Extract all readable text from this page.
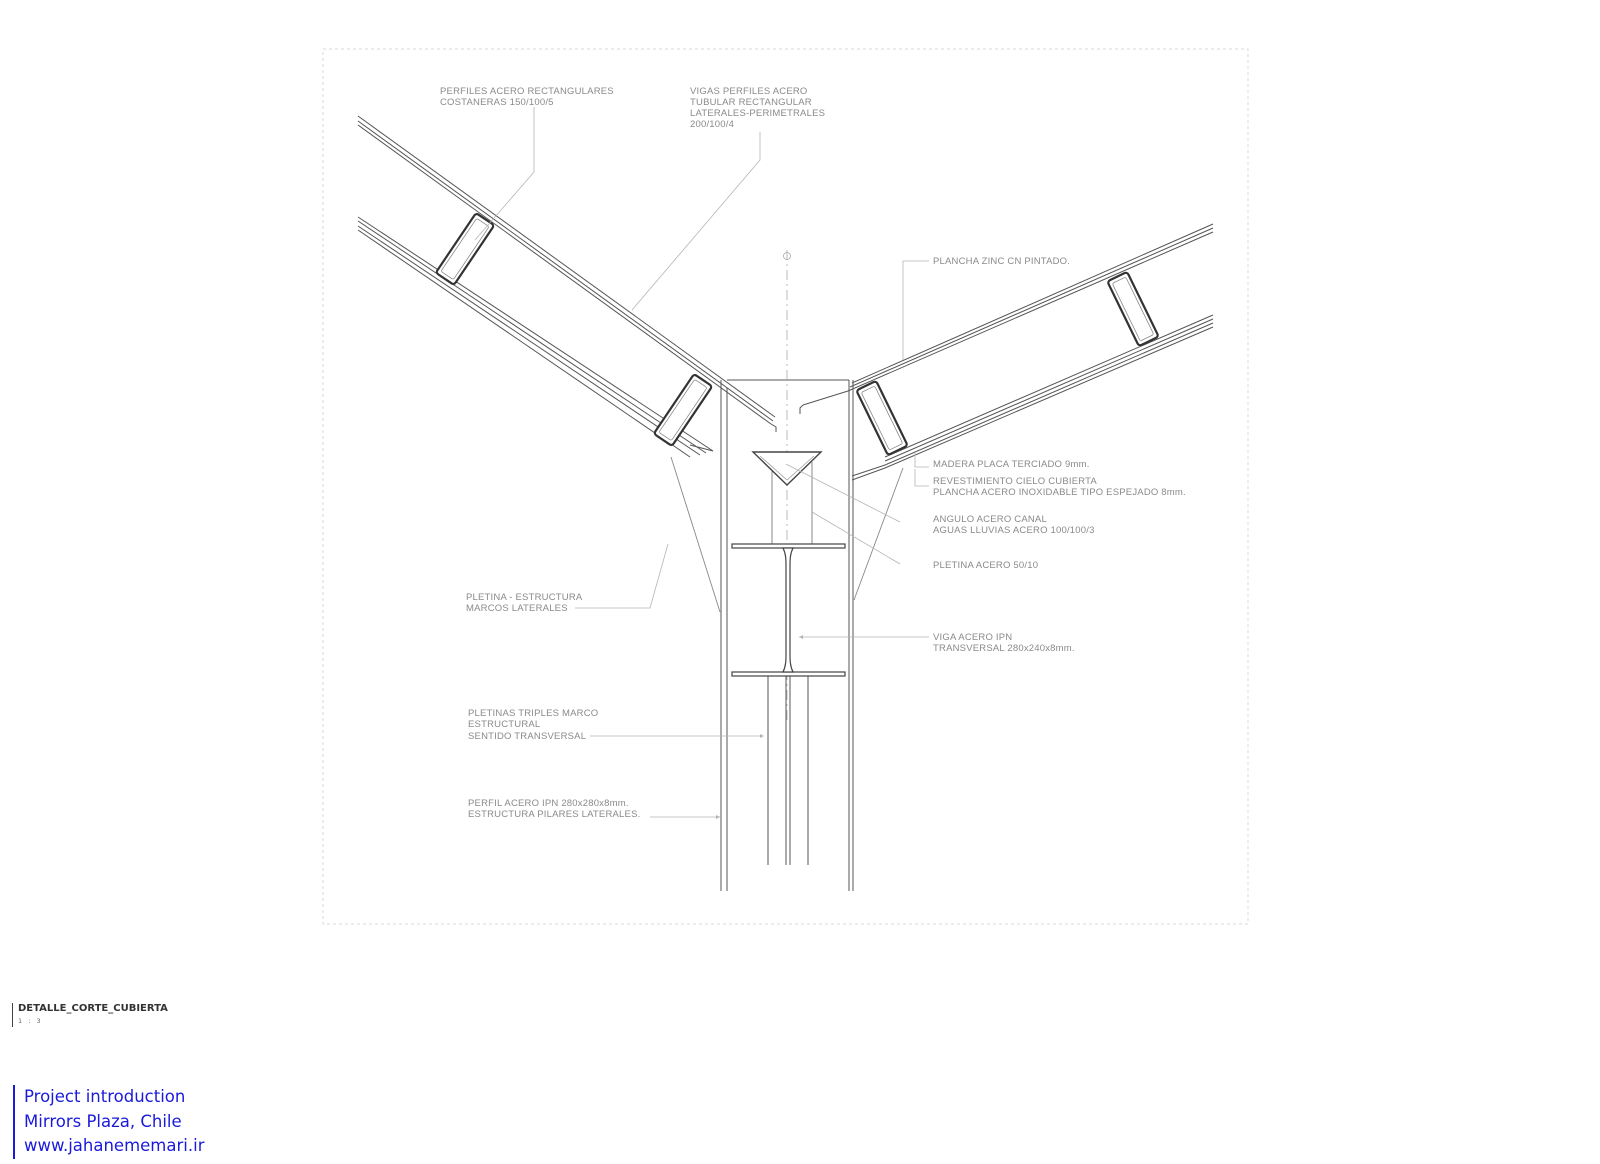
PERFILES ACERO RECTANGULARES
COSTANERAS 150/100/5
VIGAS PERFILES ACERO
TUBULAR RECTANGULAR
LATERALES-PERIMETRALES
200/100/4
PLANCHA ZINC CN PINTADO.
MADERA PLACA TERCIADO 9mm.
REVESTIMIENTO CIELO CUBIERTA
PLANCHA ACERO INOXIDABLE TIPO ESPEJADO 8mm.
ANGULO ACERO CANAL
AGUAS LLUVIAS ACERO 100/100/3
PLETINA ACERO 50/10
PLETINA - ESTRUCTURA
MARCOS LATERALES
VIGA ACERO IPN
TRANSVERSAL 280x240x8mm.
PLETINAS TRIPLES MARCO
ESTRUCTURAL
SENTIDO TRANSVERSAL
PERFIL ACERO IPN 280x280x8mm.
ESTRUCTURA PILARES LATERALES.
DETALLE_CORTE_CUBIERTA
1 : 3
Project introduction
Mirrors Plaza, Chile
www.jahanememari.ir
